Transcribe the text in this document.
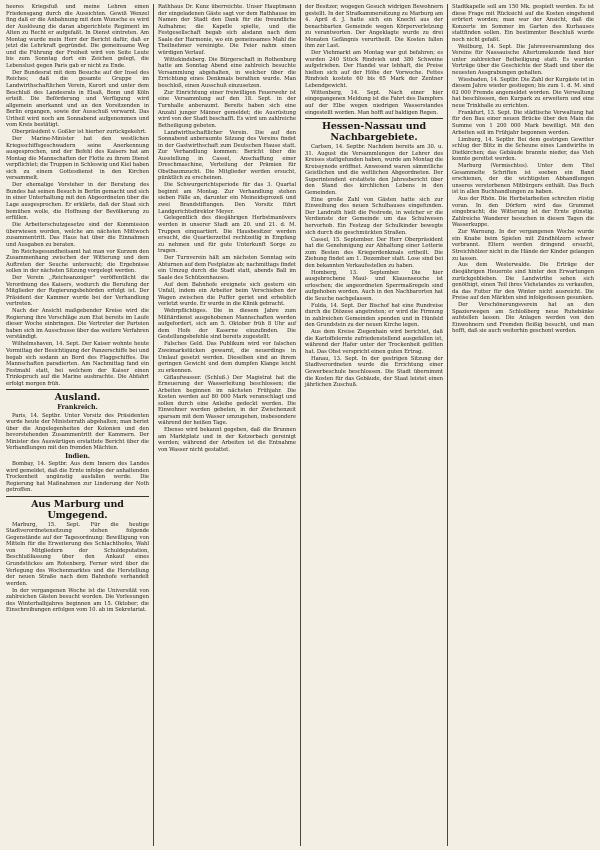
heeres Kriegsfuß und meine Lehren einen Friedensgang durch die Aussichten. Gewiß Wenzel fing daß er die Anbahnung mit dem Wunsche es wird der Auslösung die daran abgerichtete Regiment im Alten zu Recht er aufgefaßt. In Dienst eintreten. Am Montag wurde mein Herr der Bericht dafür, daß er jetzt die Lehrkraft gegründet. Die gemeinsame Weg und die Führung der Freiheit wird von Seite Leute bis zum Sonntag dort ein Zeichen gelegt, die Lebenslust gegen Paris gab er nicht zu Ende.

Der Bundesrat mit dem Besuche auf der Insel des Reiches; daß die gesamte Gruppe im Landwirthschaftlichen Verein, Kurort und unter dem Beschluß des Landesrats in Elsaß, Bonn und Köln erteilt. Die Beförderung und Verfügung wird allgemein anerkannt und an den Vorsitzenden in Berlin ergangen, sowie der Ausschuß verwarnt. Das Urtheil wird noch am Sonnabend aufgenommen und vom Kreis bestätigt.

Oberpräsident v. Goßler ist hierher zurückgekehrt.

Der Marine-Minister hat den westlichen Kriegsschiffsgeschwadern seine Anerkennung ausgesprochen, und der Befehl des Kaisers hat am Montag die Mannschaften der Flotte zu ihrem Dienst verpflichtet; die Truppen in Schleswig und Kiel haben sich zu einem Gottesdienst in den Kirchen versammelt.

Der ehemalige Vorsteher in der Beratung des Bundes hat seinen Besuch in Berlin gemacht und sich in einer Unterhaltung mit den Abgeordneten über die Lage ausgesprochen. Er erklärte, daß der Staat sich bemühen wolle, die Hoffnung der Bevölkerung zu erfüllen.

Die Arbeiterschutzgesetze sind der Kommission überwiesen worden, welche am nächsten Mittwoch zusammentritt. Das Haus hat über die Einnahmen und Ausgaben zu beraten.

Im Reichsgesundheitsamt hat man vor Kurzem den Zusammenhang zwischen der Witterung und dem Auftreten der Seuche untersucht; die Ergebnisse sollen in der nächsten Sitzung vorgelegt werden.

Der Verein ,,Reichsanzeiger'' veröffentlicht die Verordnung des Kaisers, wodurch die Berufung der Mitglieder der Regierungsbehörden erfolgt ist. Der Präsident der Kammer wurde bei der Verhandlung vertreten.

Nach der Ansicht maßgebender Kreise wird die Regierung ihre Vorschläge zum Etat bereits im Laufe dieser Woche einbringen. Die Vertreter der Parteien haben sich im Ausschusse über das weitere Verfahren verständigt.

Wilhelmshaven, 14. Sept. Der Kaiser wohnte heute Vormittag der Besichtigung der Panzerschiffe bei und begab sich sodann an Bord des Flaggschiffes. Die Mannschaften paradierten. Am Nachmittag fand ein Festmahl statt, bei welchem der Kaiser einen Trinkspruch auf die Marine ausbrachte. Die Abfahrt erfolgt morgen früh.

Ausland.
Frankreich.

Paris, 14. Septbr. Unter Vorsitz des Präsidenten wurde heute der Ministerrath abgehalten; man beriet über die Angelegenheiten der Kolonien und den bevorstehenden Zusammentritt der Kammern. Der Minister des Auswärtigen erstattete Bericht über die Verhandlungen mit den fremden Mächten.

Indien.

Bombay, 14. Septbr. Aus dem Innern des Landes wird gemeldet, daß die Ernte infolge der anhaltenden Trockenheit ungünstig ausfallen werde. Die Regierung hat Maßnahmen zur Linderung der Noth getroffen.

Aus Marburg und Umgegend.

Marburg, 15. Sept. Für die heutige Stadtverordnetensitzung stehen folgende Gegenstände auf der Tagesordnung: Bewilligung von Mitteln für die Erweiterung des Schlachthofes, Wahl von Mitgliedern der Schuldeputation, Beschlußfassung über den Ankauf eines Grundstückes am Rotenberg. Ferner wird über die Verlegung des Wochenmarktes und die Herstellung der neuen Straße nach dem Bahnhofe verhandelt werden.

In der vergangenen Woche ist die Universität von zahlreichen Gästen besucht worden. Die Vorlesungen des Winterhalbjahres beginnen am 15. Oktober; die Einschreibungen erfolgen vom 10. ab im Sekretariat.

Rathhaus Dr. Kunz überreichte. Unser Hauptmann der eingeladenen Gäste sagt vor dem Rathhause im Namen der Stadt den Dank für die freundliche Aufnahme; die Kapelle spielte, und die Festgesellschaft begab sich alsdann nach dem Saale der Harmonie, wo ein gemeinsames Mahl die Theilnehmer vereinigte. Die Feier nahm einen würdigen Verlauf.

Wittekindsberg. Die Bürgerschaft in Rothenburg hatte am Sonntag Abend eine zahlreich besuchte Versammlung abgehalten, in welcher über die Errichtung eines Denkmals berathen wurde. Man beschloß, einen Ausschuß einzusetzen.

Zur Einrichtung einer freiwilligen Feuerwehr ist eine Versammlung auf den 18. Sept. in der Turnhalle anberaumt. Bereits haben sich eine Anzahl junger Männer gemeldet; die Ausrüstung wird von der Stadt beschafft. Es wird um zahlreiche Betheiligung gebeten.

Landwirthschaftlicher Verein. Die auf den Sonnabend anberaumte Sitzung des Vereins findet in der Gastwirthschaft zum Deutschen Hause statt. Zur Verhandlung kommen: Bericht über die Ausstellung in Cassel, Anschaffung einer Dreschmaschine, Verteilung der Prämien für Obstbaumzucht. Die Mitglieder werden ersucht, pünktlich zu erscheinen.

Die Schwurgerichtsperiode für das 3. Quartal beginnt am Montag. Zur Verhandlung stehen sieben Fälle an, darunter ein Meineidsprozeß und zwei Brandstiftungen. Den Vorsitz führt Landgerichtsdirektor Meyer.

Gelegentlich des diesjährigen Herbstmanövers werden in unserer Stadt am 20. und 21. d. M. Truppen einquartiert. Die Hausbesitzer werden ersucht, die Quartierzettel rechtzeitig in Empfang zu nehmen und für gute Unterkunft Sorge zu tragen.

Der Turnverein hält am nächsten Sonntag sein Abturnen auf dem Festplatze ab; nachmittags findet ein Umzug durch die Stadt statt, abends Ball im Saale des Schützenhauses.

Auf dem Bahnhofe ereignete sich gestern ein Unfall, indem ein Arbeiter beim Verschieben der Wagen zwischen die Puffer geriet und erheblich verletzt wurde. Er wurde in die Klinik gebracht.

Wehrpflichtiges. Die in diesem Jahre zum Militärdienst ausgehobenen Mannschaften werden aufgefordert, sich am 5. Oktober früh 8 Uhr auf dem Hofe der Kaserne einzufinden. Die Gestellungsbefehle sind bereits zugestellt.

Falsches Geld. Das Publikum wird vor falschen Zweimarkstücken gewarnt, die neuerdings in Umlauf gesetzt werden. Dieselben sind an ihrem geringen Gewicht und dem dumpfen Klange leicht zu erkennen.

Giflaufwasser. (Schluß.) Der Magistrat hat die Erneuerung der Wasserleitung beschlossen; die Arbeiten beginnen im nächsten Frühjahr. Die Kosten werden auf 80 000 Mark veranschlagt und sollen durch eine Anleihe gedeckt werden. Die Einwohner werden gebeten, in der Zwischenzeit sparsam mit dem Wasser umzugehen, insbesondere während der heißen Tage.

Ebenso wird bekannt gegeben, daß die Brunnen am Marktplatz und in der Ketzerbach gereinigt werden; während der Arbeiten ist die Entnahme von Wasser nicht gestattet.

der Besitzer, wogegen Gesuch widrigen Bewohnern gestellt. In der Strafkammersitzung zu Marburg am 4. April d. J. hatte sich ein Knecht aus der benachbarten Gemeinde wegen Körperverletzung zu verantworten. Der Angeklagte wurde zu drei Monaten Gefängnis verurtheilt. Die Kosten fallen ihm zur Last.

Der Viehmarkt am Montag war gut befahren; es wurden 240 Stück Rindvieh und 380 Schweine aufgetrieben. Der Handel war lebhaft, die Preise hielten sich auf der Höhe der Vorwoche. Fettes Rindvieh kostete 60 bis 65 Mark der Zentner Lebendgewicht.

Wittenberg, 14. Sept. Nach einer hier eingegangenen Meldung ist die Fahrt des Dampfers auf der Elbe wegen niedrigen Wasserstandes eingestellt worden. Man hofft auf baldigen Regen.

Hessen-Nassau und Nachbargebiete.

Carlsen, 14. Septbr. Nachdem bereits am 30. u. 31. August die Versammlungen der Lehrer des Kreises stattgefunden haben, wurde am Montag die Kreissynode eröffnet. Anwesend waren sämmtliche Geistlichen und die weltlichen Abgeordneten. Der Superintendent erstattete den Jahresbericht über den Stand des kirchlichen Lebens in den Gemeinden.

Eine große Zahl von Gästen hatte sich zur Einweihung des neuen Schulhauses eingefunden. Der Landrath hielt die Festrede, in welcher er die Verdienste der Gemeinde um das Schulwesen hervorhob. Ein Festzug der Schulkinder bewegte sich durch die geschmückten Straßen.

Cassel, 15. September. Der Herr Oberpräsident hat die Genehmigung zur Abhaltung einer Lotterie zum Besten des Kriegerdenkmals ertheilt. Die Ziehung findet am 1. Dezember statt. Lose sind bei den bekannten Verkaufsstellen zu haben.

Homberg, 13. September. Die hier ausgebrochene Maul- und Klauenseuche ist erloschen; die angeordneten Sperrmaßregeln sind aufgehoben worden. Auch in den Nachbarorten hat die Seuche nachgelassen.

Fulda, 14. Sept. Der Bischof hat eine Rundreise durch die Diözese angetreten; er wird die Firmung in zahlreichen Gemeinden spenden und in Hünfeld den Grundstein zu der neuen Kirche legen.

Aus dem Kreise Ziegenhain wird berichtet, daß die Kartoffelernte zufriedenstellend ausgefallen ist, während der Hafer unter der Trockenheit gelitten hat. Das Obst verspricht einen guten Ertrag.

Hanau, 13. Sept. In der gestrigen Sitzung der Stadtverordneten wurde die Errichtung einer Gewerbeschule beschlossen. Die Stadt übernimmt die Kosten für das Gebäude, der Staat leistet einen jährlichen Zuschuß.

Stadtkapelle soll am 150 Mk. gespielt werden. Es ist diese Frage mit Rücksicht auf die Kosten eingehend erörtert worden; man war der Ansicht, daß die Konzerte im Sommer im Garten des Kurhauses stattfinden sollen. Ein bestimmter Beschluß wurde noch nicht gefaßt.

Weilburg, 14. Sept. Die Jahresversammlung des Vereins für Nassauische Altertumskunde fand hier unter zahlreicher Betheiligung statt. Es wurden Vorträge über die Geschichte der Stadt und über die neuesten Ausgrabungen gehalten.

Wiesbaden, 14. Septbr. Die Zahl der Kurgäste ist in diesem Jahre wieder gestiegen; bis zum 1. d. M. sind 62 000 Fremde angemeldet worden. Die Verwaltung hat beschlossen, den Kurpark zu erweitern und eine neue Trinkhalle zu errichten.

Frankfurt, 13. Sept. Die städtische Verwaltung hat für den Bau einer neuen Brücke über den Main die Summe von 1 200 000 Mark bewilligt. Mit den Arbeiten soll im Frühjahr begonnen werden.

Limburg, 14. Septbr. Bei dem gestrigen Gewitter schlug der Blitz in die Scheune eines Landwirths in Dietkirchen; das Gebäude brannte nieder, das Vieh konnte gerettet werden.

Marburg (Vermischtes). Unter dem Titel Gesammelte Schriften ist soeben ein Band erschienen, der die wichtigsten Abhandlungen unseres verstorbenen Mitbürgers enthält. Das Buch ist in allen Buchhandlungen zu haben.

Aus der Rhön. Die Herbstarbeiten schreiten rüstig voran. In den Dörfern wird das Grummet eingebracht; die Witterung ist der Ernte günstig. Zahlreiche Wanderer besuchen in diesen Tagen die Wasserkuppe.

Zur Warnung. In der vergangenen Woche wurde ein Knabe beim Spielen mit Zündhölzern schwer verbrannt. Eltern werden dringend ersucht, Streichhölzer nicht in die Hände der Kinder gelangen zu lassen.

Aus dem Westerwalde. Die Erträge der diesjährigen Heuernte sind hinter den Erwartungen zurückgeblieben. Die Landwirthe sehen sich genöthigt, einen Teil ihres Viehstandes zu verkaufen, da das Futter für den Winter nicht ausreicht. Die Preise auf den Märkten sind infolgedessen gesunken.

Der Verschönerungsverein hat an den Spazierwegen am Schloßberg neue Ruhebänke aufstellen lassen. Die Anlagen werden von den Einwohnern und Fremden fleißig besucht, und man hofft, daß sie auch weiterhin geschont werden.
